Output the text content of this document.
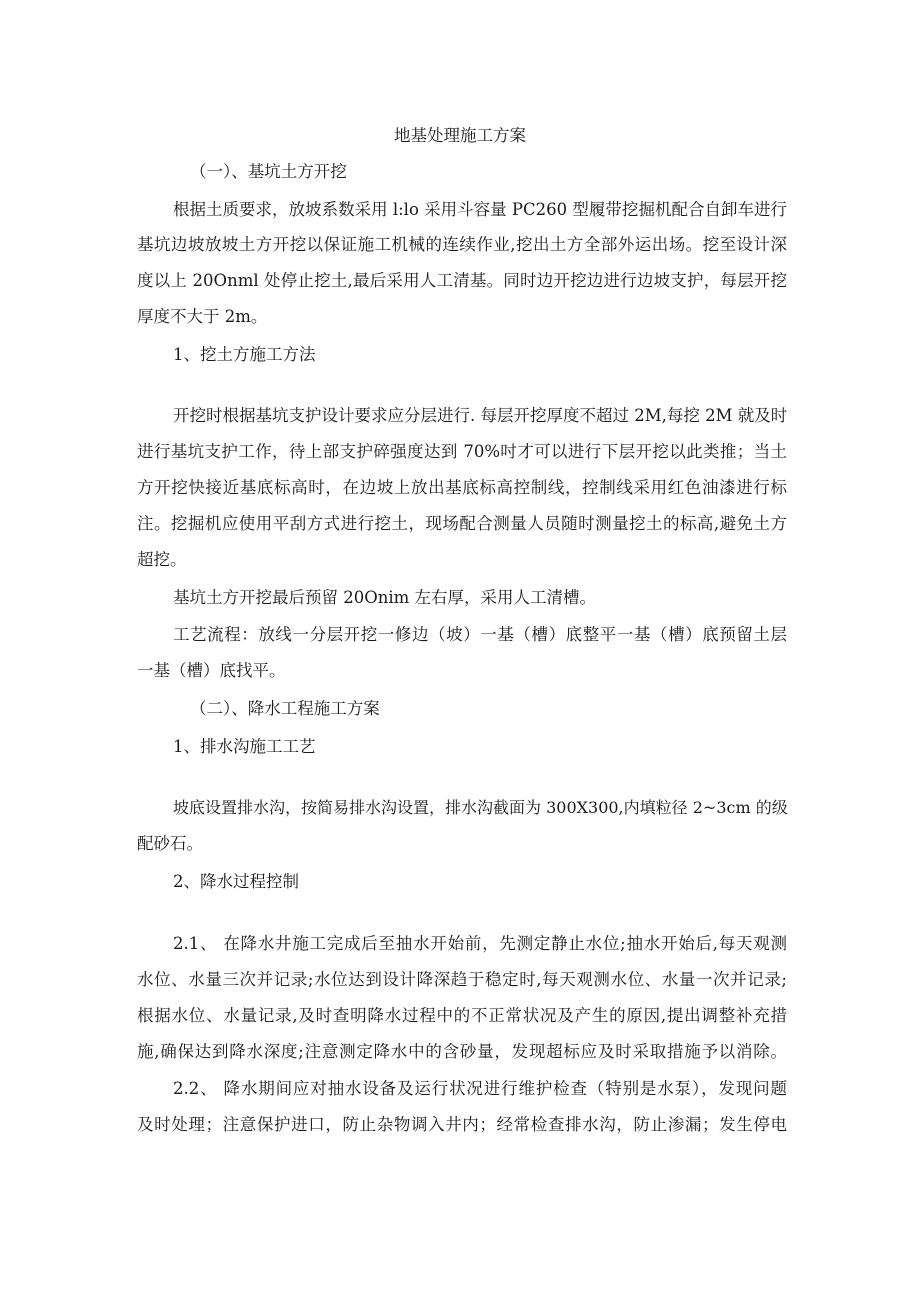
地基处理施工方案
（一）、基坑土方开挖
根据土质要求，放坡系数采用 l:lo 采用斗容量 PC260 型履带挖掘机配合自卸车进行
基坑边坡放坡土方开挖以保证施工机械的连续作业,挖出土方全部外运出场。挖至设计深
度以上 20Onml 处停止挖土,最后采用人工清基。同时边开挖边进行边坡支护，每层开挖
厚度不大于 2m。
1、挖土方施工方法
开挖时根据基坑支护设计要求应分层进行. 每层开挖厚度不超过 2M,每挖 2M 就及时
进行基坑支护工作，待上部支护碎强度达到 70%吋才可以进行下层开挖以此类推；当土
方开挖快接近基底标高时，在边坡上放出基底标高控制线，控制线采用红色油漆进行标
注。挖掘机应使用平刮方式进行挖土，现场配合测量人员随时测量挖土的标高,避免土方
超挖。
基坑土方开挖最后预留 20Onim 左右厚，采用人工清槽。
工艺流程：放线一分层开挖一修边（坡）一基（槽）底整平一基（槽）底预留土层
一基（槽）底找平。
（二）、降水工程施工方案
1、排水沟施工工艺
坡底设置排水沟，按简易排水沟设置，排水沟截面为 300X300,内填粒径 2~3cm 的级
配砂石。
2、降水过程控制
2.1、 在降水井施工完成后至抽水开始前，先测定静止水位;抽水开始后,每天观测
水位、水量三次并记录;水位达到设计降深趋于稳定时,每天观测水位、水量一次并记录;
根据水位、水量记录,及时查明降水过程中的不正常状况及产生的原因,提出调整补充措
施,确保达到降水深度;注意测定降水中的含砂量，发现超标应及时采取措施予以消除。
2.2、 降水期间应对抽水设备及运行状况进行维护检查（特别是水泵），发现问题
及时处理；注意保护进口，防止杂物调入井内；经常检查排水沟，防止渗漏；发生停电
